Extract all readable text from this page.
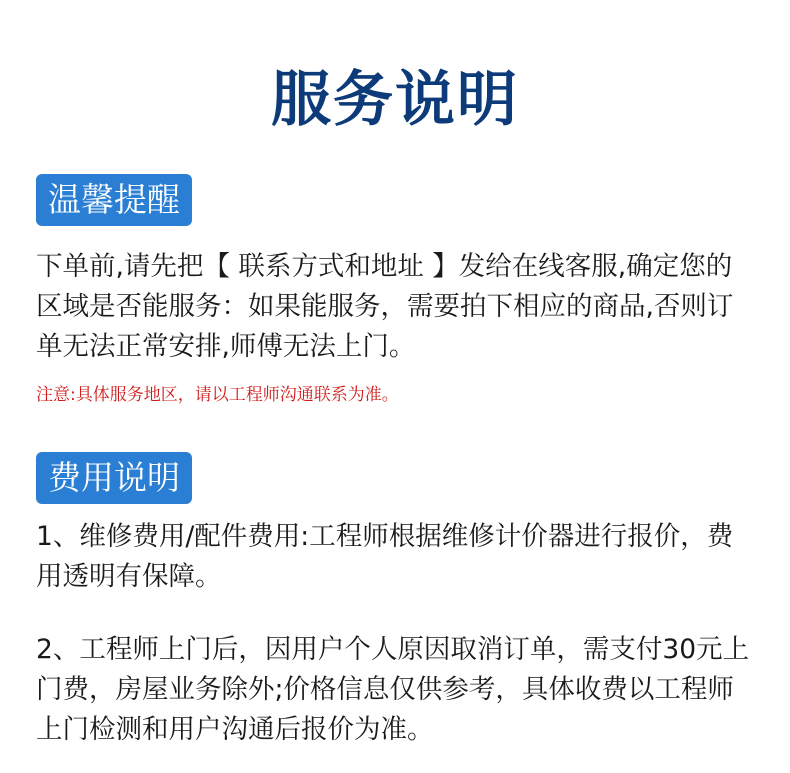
服务说明
温馨提醒

下单前,请先把【 联系方式和地址 】发给在线客服,确定您的区域是否能服务：如果能服务，需要拍下相应的商品,否则订单无法正常安排,师傅无法上门。

注意:具体服务地区，请以工程师沟通联系为准。

费用说明

1、维修费用/配件费用:工程师根据维修计价器进行报价，费用透明有保障。

2、工程师上门后，因用户个人原因取消订单，需支付30元上门费，房屋业务除外;价格信息仅供参考，具体收费以工程师上门检测和用户沟通后报价为准。
